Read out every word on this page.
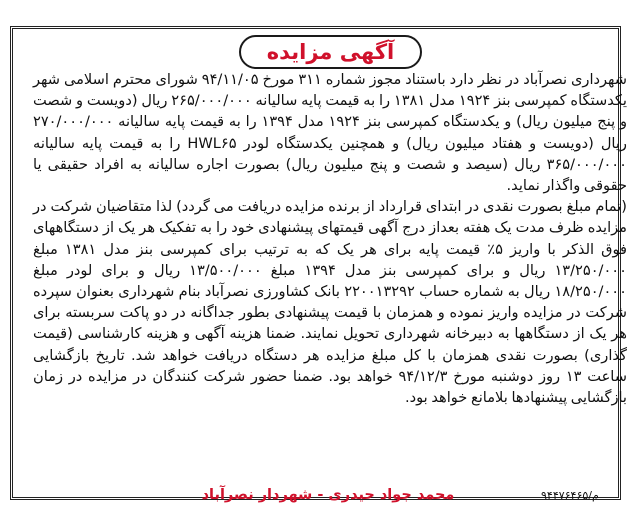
آگهی مزایده

شهرداری نصرآباد در نظر دارد باستناد مجوز شماره ۳۱۱ مورخ ۹۴/۱۱/۰۵ شورای محترم اسلامی شهر یکدستگاه کمپرسی بنز ۱۹۲۴ مدل ۱۳۸۱ را به قیمت پایه سالیانه ۲۶۵/۰۰۰/۰۰۰ ریال (دویست و شصت و پنج میلیون ریال) و یکدستگاه کمپرسی بنز ۱۹۲۴ مدل ۱۳۹۴ را به قیمت پایه سالیانه ۲۷۰/۰۰۰/۰۰۰ ریال (دویست و هفتاد میلیون ریال) و همچنین یکدستگاه لودر HWL۶۵ را به قیمت پایه سالیانه ۳۶۵/۰۰۰/۰۰۰ ریال (سیصد و شصت و پنج میلیون ریال) بصورت اجاره سالیانه به افراد حقیقی یا حقوقی واگذار نماید.

(تمام مبلغ بصورت نقدی در ابتدای قرارداد از برنده مزایده دریافت می گردد) لذا متقاضیان شرکت در مزایده ظرف مدت یک هفته بعداز درج آگهی قیمتهای پیشنهادی خود را به تفکیک هر یک از دستگاههای فوق الذکر با واریز ۵٪ قیمت پایه برای هر یک که به ترتیب برای کمپرسی بنز مدل ۱۳۸۱ مبلغ ۱۳/۲۵۰/۰۰۰ ریال و برای کمپرسی بنز مدل ۱۳۹۴ مبلغ ۱۳/۵۰۰/۰۰۰ ریال و برای لودر مبلغ ۱۸/۲۵۰/۰۰۰ ریال به شماره حساب ۲۲۰۰۱۳۲۹۲ بانک کشاورزی نصرآباد بنام شهرداری بعنوان سپرده شرکت در مزایده واریز نموده و همزمان با قیمت پیشنهادی بطور جداگانه در دو پاکت سربسته برای هر یک از دستگاهها به دبیرخانه شهرداری تحویل نمایند. ضمنا هزینه آگهی و هزینه کارشناسی (قیمت گذاری) بصورت نقدی همزمان با کل مبلغ مزایده هر دستگاه دریافت خواهد شد. تاریخ بازگشایی ساعت ۱۳ روز دوشنبه مورخ ۹۴/۱۲/۳ خواهد بود. ضمنا حضور شرکت کنندگان در مزایده در زمان بازگشایی پیشنهادها بلامانع خواهد بود.

م/۹۴۴۷۶۴۶۵
محمد جواد حیدری - شهردار نصرآباد
